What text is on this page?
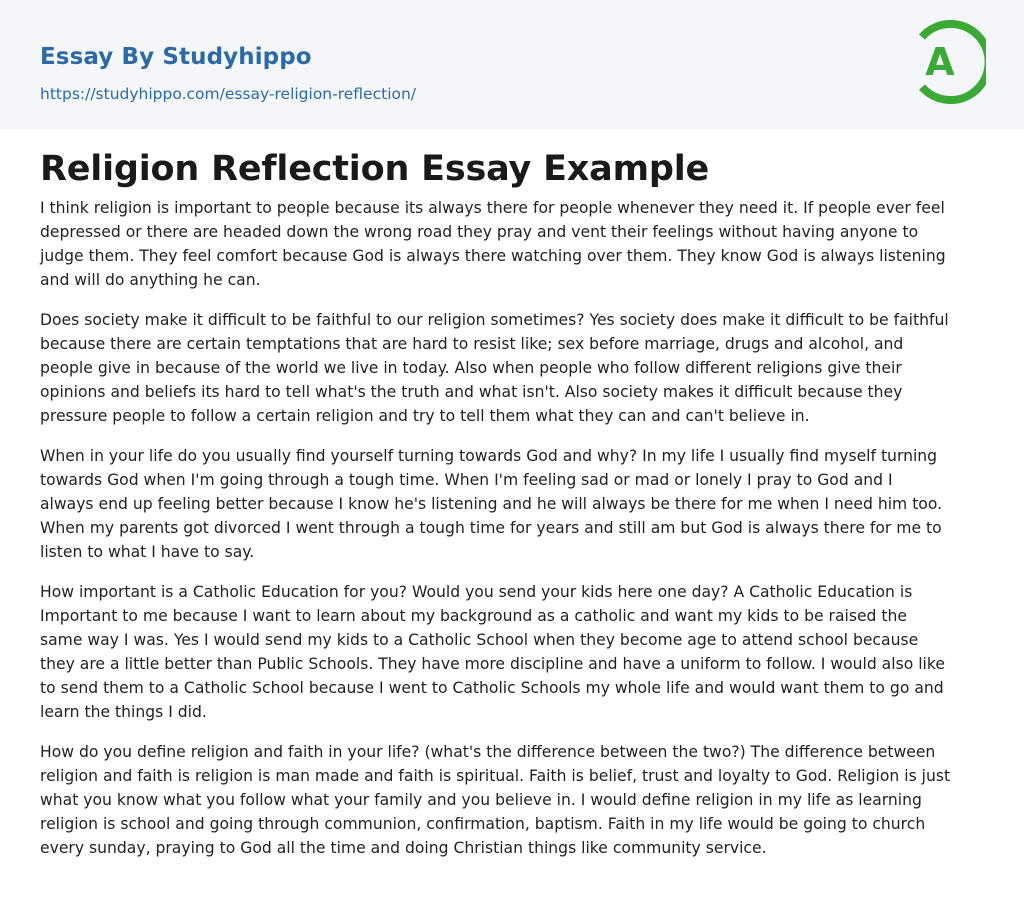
Essay By Studyhippo
https://studyhippo.com/essay-religion-reflection/
A
Religion Reflection Essay Example

I think religion is important to people because its always there for people whenever they need it. If people ever feel
depressed or there are headed down the wrong road they pray and vent their feelings without having anyone to
judge them. They feel comfort because God is always there watching over them. They know God is always listening
and will do anything he can.

Does society make it difficult to be faithful to our religion sometimes? Yes society does make it difficult to be faithful
because there are certain temptations that are hard to resist like; sex before marriage, drugs and alcohol, and
people give in because of the world we live in today. Also when people who follow different religions give their
opinions and beliefs its hard to tell what's the truth and what isn't. Also society makes it difficult because they
pressure people to follow a certain religion and try to tell them what they can and can't believe in.

When in your life do you usually find yourself turning towards God and why? In my life I usually find myself turning
towards God when I'm going through a tough time. When I'm feeling sad or mad or lonely I pray to God and I
always end up feeling better because I know he's listening and he will always be there for me when I need him too.
When my parents got divorced I went through a tough time for years and still am but God is always there for me to
listen to what I have to say.

How important is a Catholic Education for you? Would you send your kids here one day? A Catholic Education is
Important to me because I want to learn about my background as a catholic and want my kids to be raised the
same way I was. Yes I would send my kids to a Catholic School when they become age to attend school because
they are a little better than Public Schools. They have more discipline and have a uniform to follow. I would also like
to send them to a Catholic School because I went to Catholic Schools my whole life and would want them to go and
learn the things I did.

How do you define religion and faith in your life? (what's the difference between the two?) The difference between
religion and faith is religion is man made and faith is spiritual. Faith is belief, trust and loyalty to God. Religion is just
what you know what you follow what your family and you believe in. I would define religion in my life as learning
religion is school and going through communion, confirmation, baptism. Faith in my life would be going to church
every sunday, praying to God all the time and doing Christian things like community service.
